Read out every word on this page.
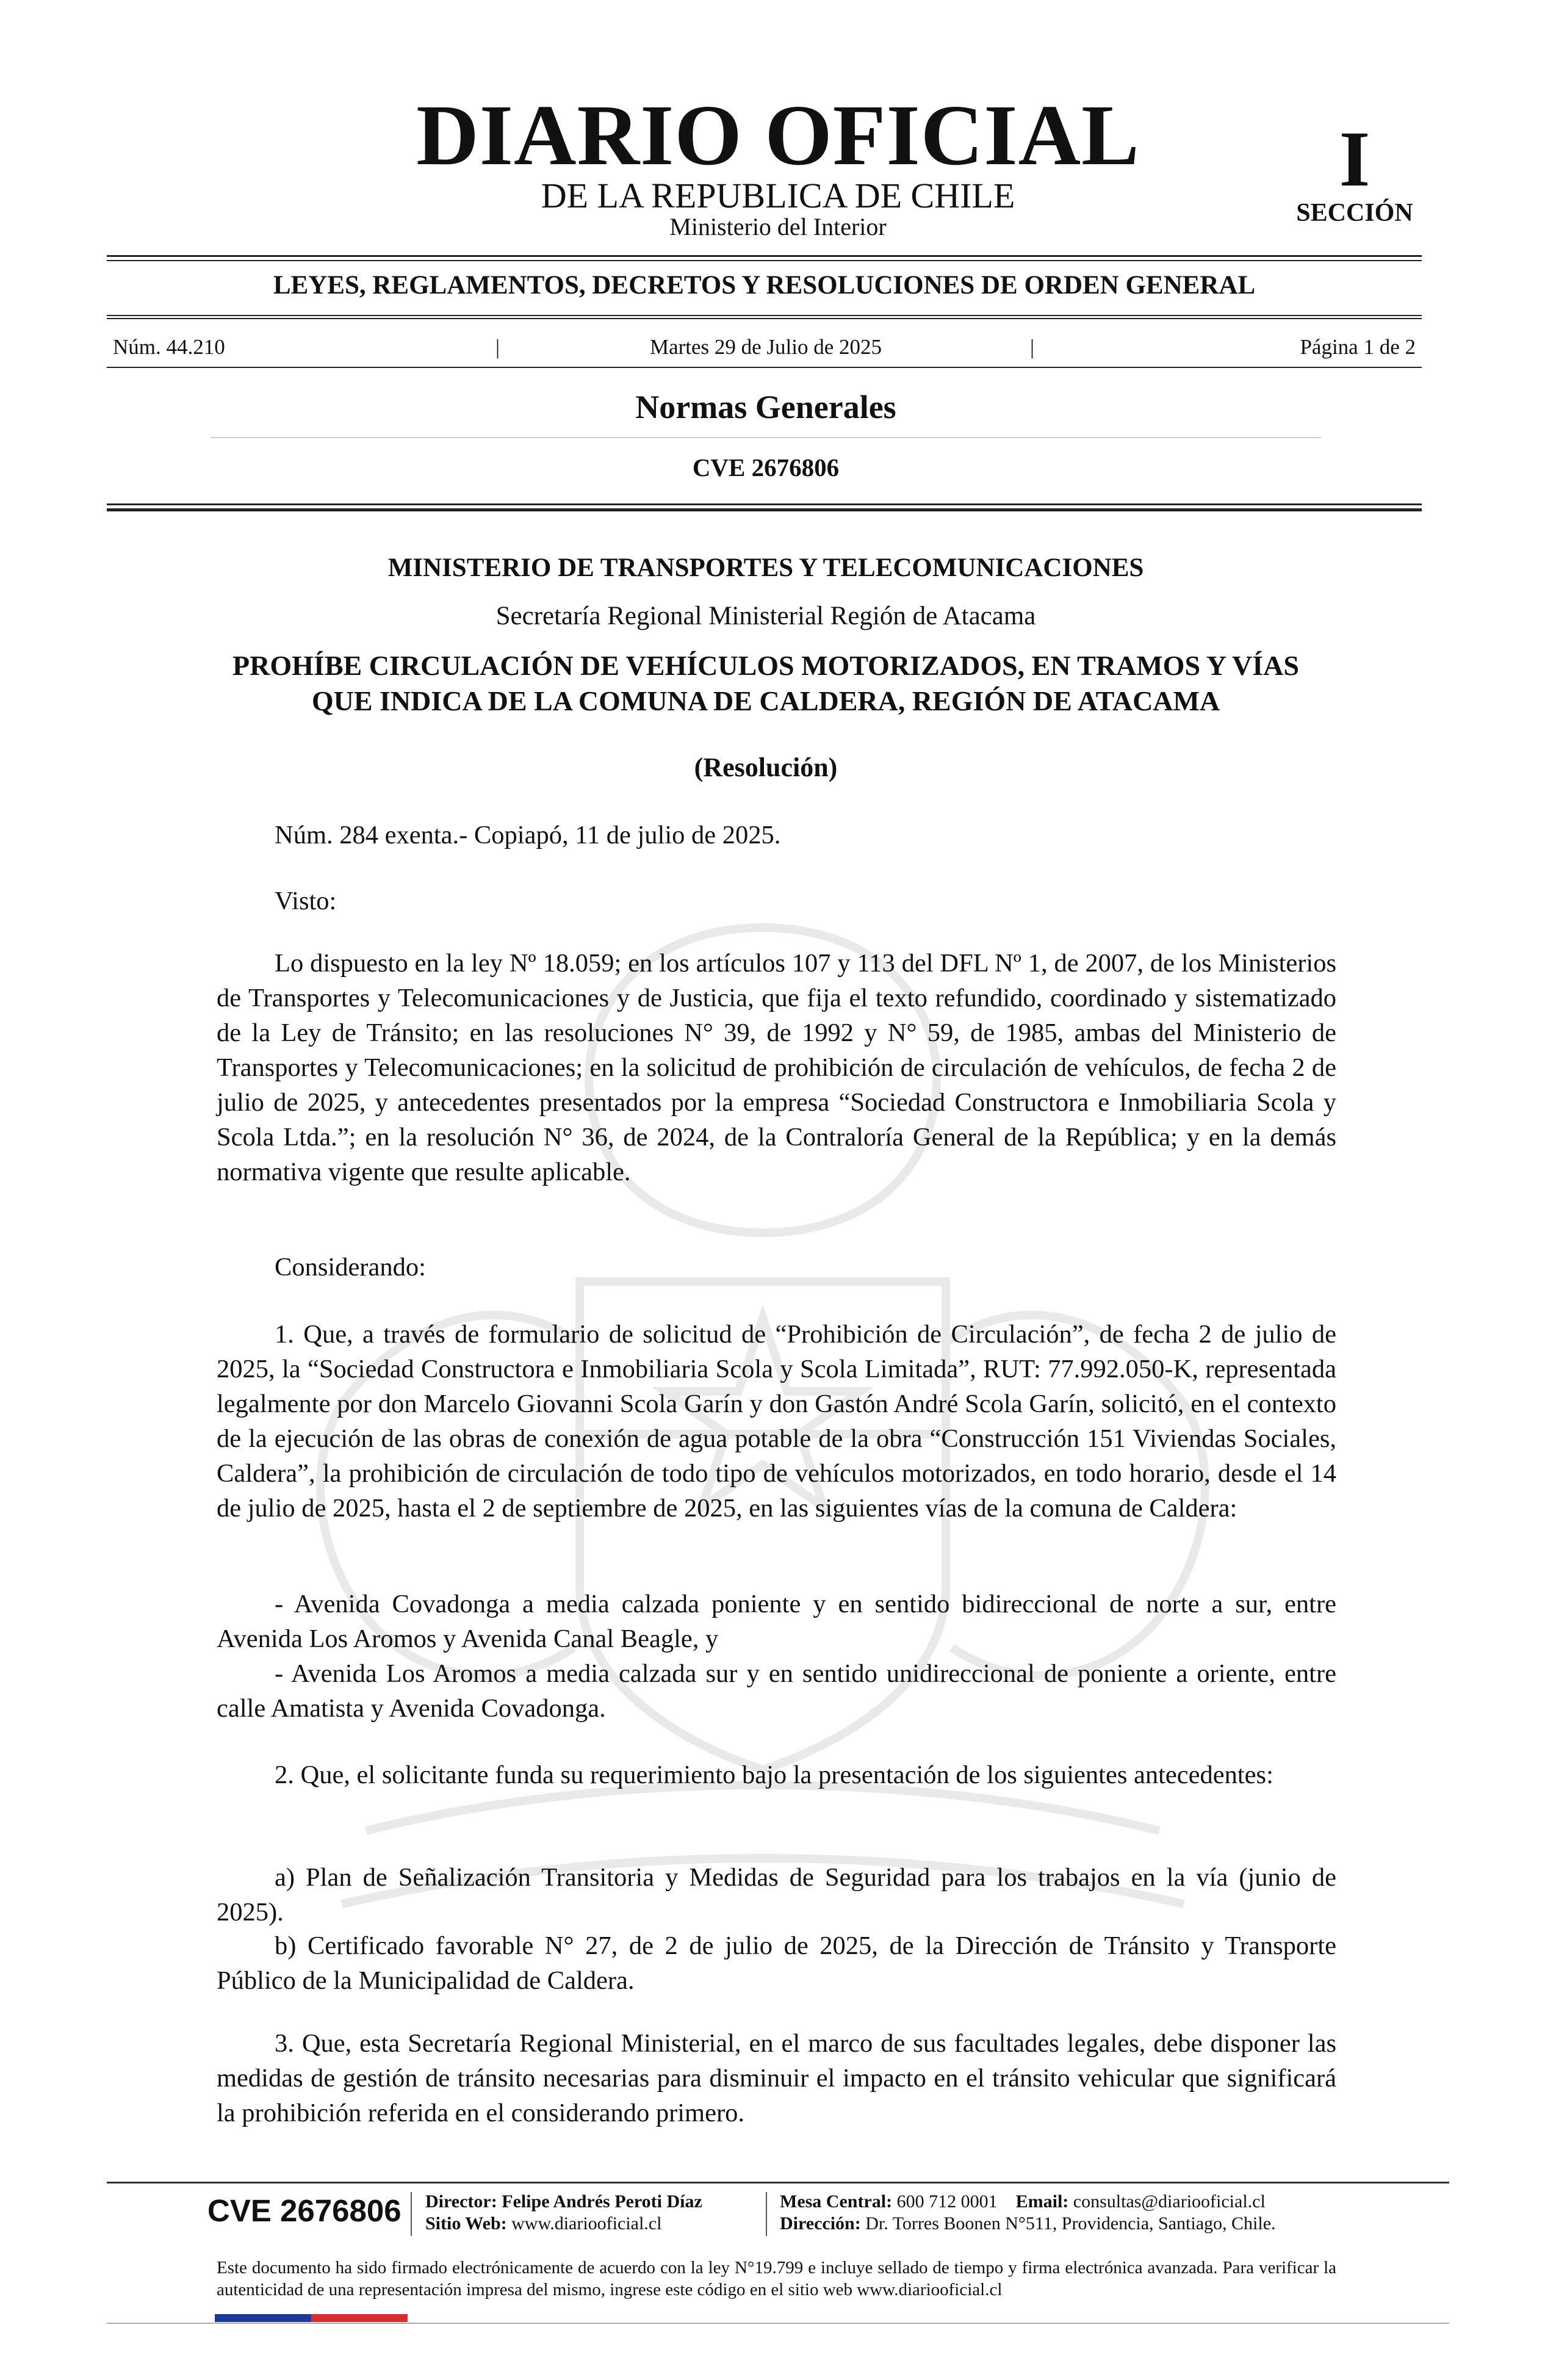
DIARIO OFICIAL
DE LA REPUBLICA DE CHILE
Ministerio del Interior
I
SECCIÓN
LEYES, REGLAMENTOS, DECRETOS Y RESOLUCIONES DE ORDEN GENERAL
Núm. 44.210	|	Martes 29 de Julio de 2025	|	Página 1 de 2
Normas Generales
CVE 2676806
MINISTERIO DE TRANSPORTES Y TELECOMUNICACIONES
Secretaría Regional Ministerial Región de Atacama
PROHÍBE CIRCULACIÓN DE VEHÍCULOS MOTORIZADOS, EN TRAMOS Y VÍAS
QUE INDICA DE LA COMUNA DE CALDERA, REGIÓN DE ATACAMA
(Resolución)
Núm. 284 exenta.- Copiapó, 11 de julio de 2025.
Visto:
Lo dispuesto en la ley Nº 18.059; en los artículos 107 y 113 del DFL Nº 1, de 2007, de los Ministerios de Transportes y Telecomunicaciones y de Justicia, que fija el texto refundido, coordinado y sistematizado de la Ley de Tránsito; en las resoluciones N° 39, de 1992 y N° 59, de 1985, ambas del Ministerio de Transportes y Telecomunicaciones; en la solicitud de prohibición de circulación de vehículos, de fecha 2 de julio de 2025, y antecedentes presentados por la empresa “Sociedad Constructora e Inmobiliaria Scola y Scola Ltda.”; en la resolución N° 36, de 2024, de la Contraloría General de la República; y en la demás normativa vigente que resulte aplicable.
Considerando:
1. Que, a través de formulario de solicitud de “Prohibición de Circulación”, de fecha 2 de julio de 2025, la “Sociedad Constructora e Inmobiliaria Scola y Scola Limitada”, RUT: 77.992.050-K, representada legalmente por don Marcelo Giovanni Scola Garín y don Gastón André Scola Garín, solicitó, en el contexto de la ejecución de las obras de conexión de agua potable de la obra “Construcción 151 Viviendas Sociales, Caldera”, la prohibición de circulación de todo tipo de vehículos motorizados, en todo horario, desde el 14 de julio de 2025, hasta el 2 de septiembre de 2025, en las siguientes vías de la comuna de Caldera:
- Avenida Covadonga a media calzada poniente y en sentido bidireccional de norte a sur, entre Avenida Los Aromos y Avenida Canal Beagle, y
- Avenida Los Aromos a media calzada sur y en sentido unidireccional de poniente a oriente, entre calle Amatista y Avenida Covadonga.
2. Que, el solicitante funda su requerimiento bajo la presentación de los siguientes antecedentes:
a) Plan de Señalización Transitoria y Medidas de Seguridad para los trabajos en la vía (junio de 2025).
b) Certificado favorable N° 27, de 2 de julio de 2025, de la Dirección de Tránsito y Transporte Público de la Municipalidad de Caldera.
3. Que, esta Secretaría Regional Ministerial, en el marco de sus facultades legales, debe disponer las medidas de gestión de tránsito necesarias para disminuir el impacto en el tránsito vehicular que significará la prohibición referida en el considerando primero.
CVE 2676806 Director: Felipe Andrés Peroti Díaz
Sitio Web: www.diariooficial.cl
Mesa Central: 600 712 0001 Email: consultas@diariooficial.cl
Dirección: Dr. Torres Boonen N°511, Providencia, Santiago, Chile.
Este documento ha sido firmado electrónicamente de acuerdo con la ley N°19.799 e incluye sellado de tiempo y firma electrónica avanzada. Para verificar la autenticidad de una representación impresa del mismo, ingrese este código en el sitio web www.diariooficial.cl
